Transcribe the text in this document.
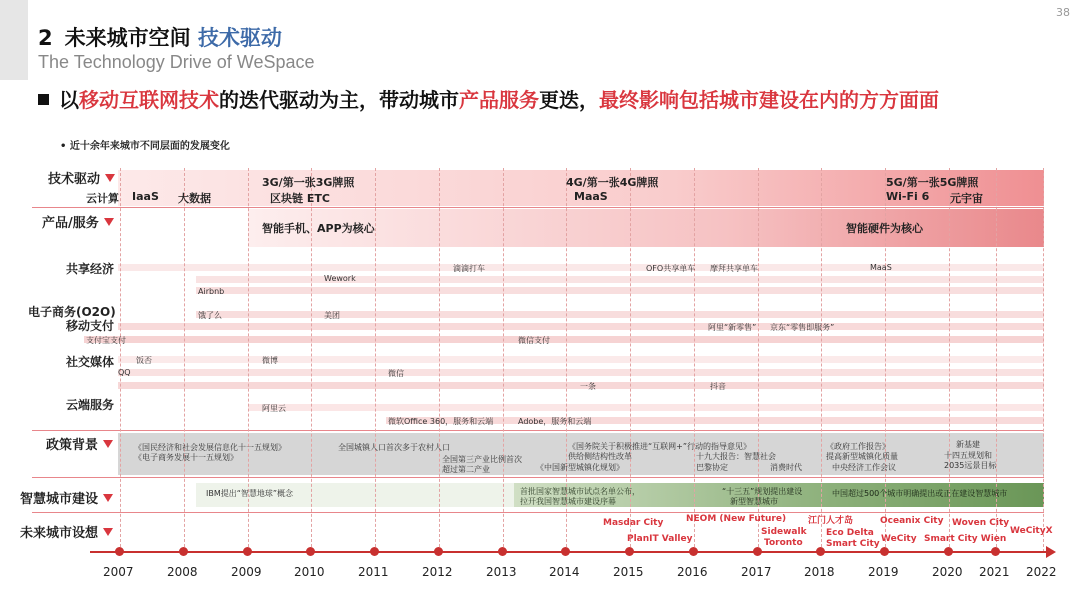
38
2 未来城市空间 技术驱动
The Technology Drive of WeSpace
以移动互联网技术的迭代驱动为主，带动城市产品服务更迭，最终影响包括城市建设在内的方方面面
• 近十余年来城市不同层面的发展变化
技术驱动
产品/服务
共享经济
电子商务(O2O)
移动支付
社交媒体
云端服务
政策背景
智慧城市建设
未来城市设想
云计算 IaaS 大数据
3G/第一张3G牌照
区块链 ETC
4G/第一张4G牌照
MaaS
5G/第一张5G牌照
Wi-Fi 6 元宇宙
智能手机、APP为核心	智能硬件为核心
滴滴打车	OFO共享单车 摩拜共享单车	MaaS
Wework
Airbnb
饿了么	美团
阿里“新零售” 京东“零售即服务”
支付宝支付	微信支付
饭否	微博
QQ	微信
一条	抖音
阿里云
微软Office 360，服务和云端	Adobe，服务和云端
《国民经济和社会发展信息化十一五规划》
《电子商务发展十一五规划》
全国城镇人口首次多于农村人口
全国第三产业比例首次
超过第二产业
《国务院关于积极推进“互联网+”行动的指导意见》
供给侧结构性改革
《中国新型城镇化规划》
十九大报告：智慧社会
巴黎协定	消费时代
《政府工作报告》
提高新型城镇化质量
中央经济工作会议
新基建
十四五规划和
2035远景目标
IBM提出“智慧地球”概念	首批国家智慧城市试点名单公布，
拉开我国智慧城市建设序幕
“十三五”规划提出建设
新型智慧城市
中国超过500个城市明确提出或正在建设智慧城市
Masdar City
PlanIT Valley
NEOM (New Future)
Sidewalk
Toronto
江门人才岛
Eco Delta
Smart City
Oceanix City
WeCity
Woven City
Smart City Wien
WeCityX
2007	2008	2009	2010	2011	2012	2013	2014	2015	2016	2017	2018	2019	2020 2021 2022
